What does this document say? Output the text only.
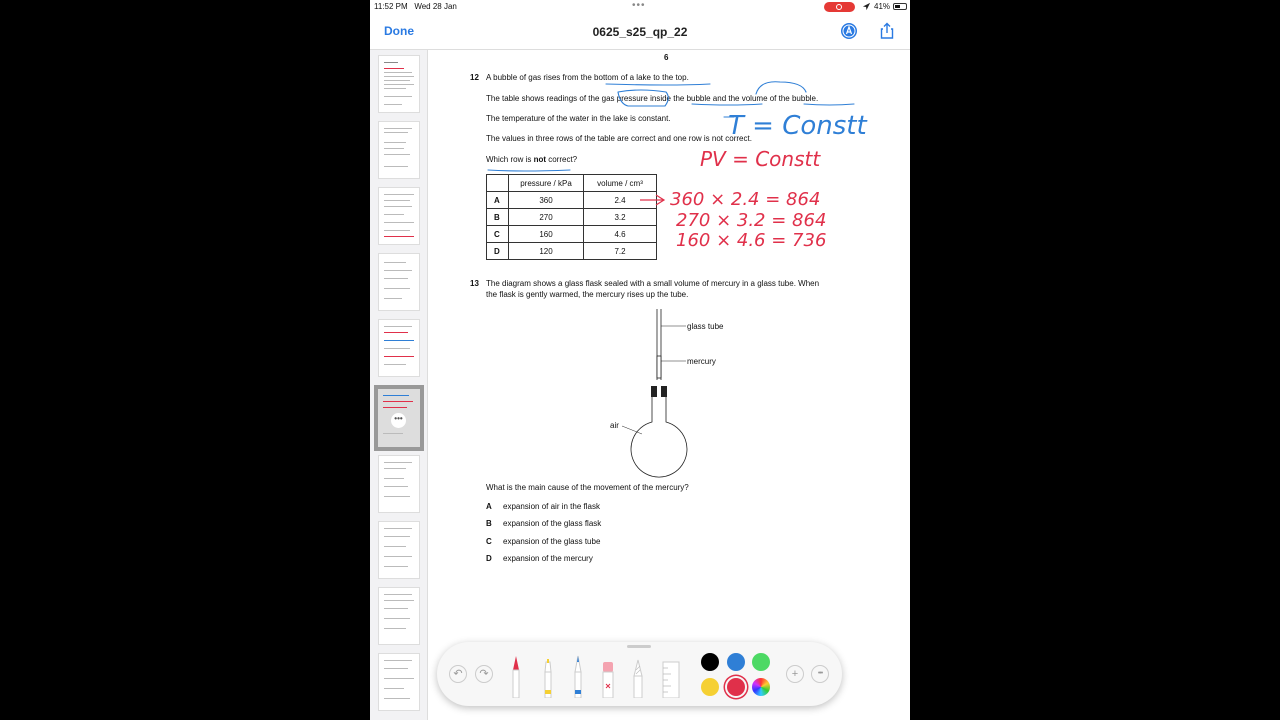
11:52 PM Wed 28 Jan	•••	41%
Done	0625_s25_qp_22
•••
6
12 A bubble of gas rises from the bottom of a lake to the top.
The table shows readings of the gas pressure inside the bubble and the volume of the bubble.
The temperature of the water in the lake is constant.
The values in three rows of the table are correct and one row is not correct.
Which row is not correct?
	pressure / kPa	volume / cm³
A	360	2.4
B	270	3.2
C	160	4.6
D	120	7.2
13 The diagram shows a glass flask sealed with a small volume of mercury in a glass tube. When
the flask is gently warmed, the mercury rises up the tube.
glass tube
mercury
air
What is the main cause of the movement of the mercury?
A expansion of air in the flask
B expansion of the glass flask
C expansion of the glass tube
D expansion of the mercury
T = Constt
PV = Constt
360 × 2.4 = 864
270 × 3.2 = 864
160 × 4.6 = 736
↶	↷	+	•••
